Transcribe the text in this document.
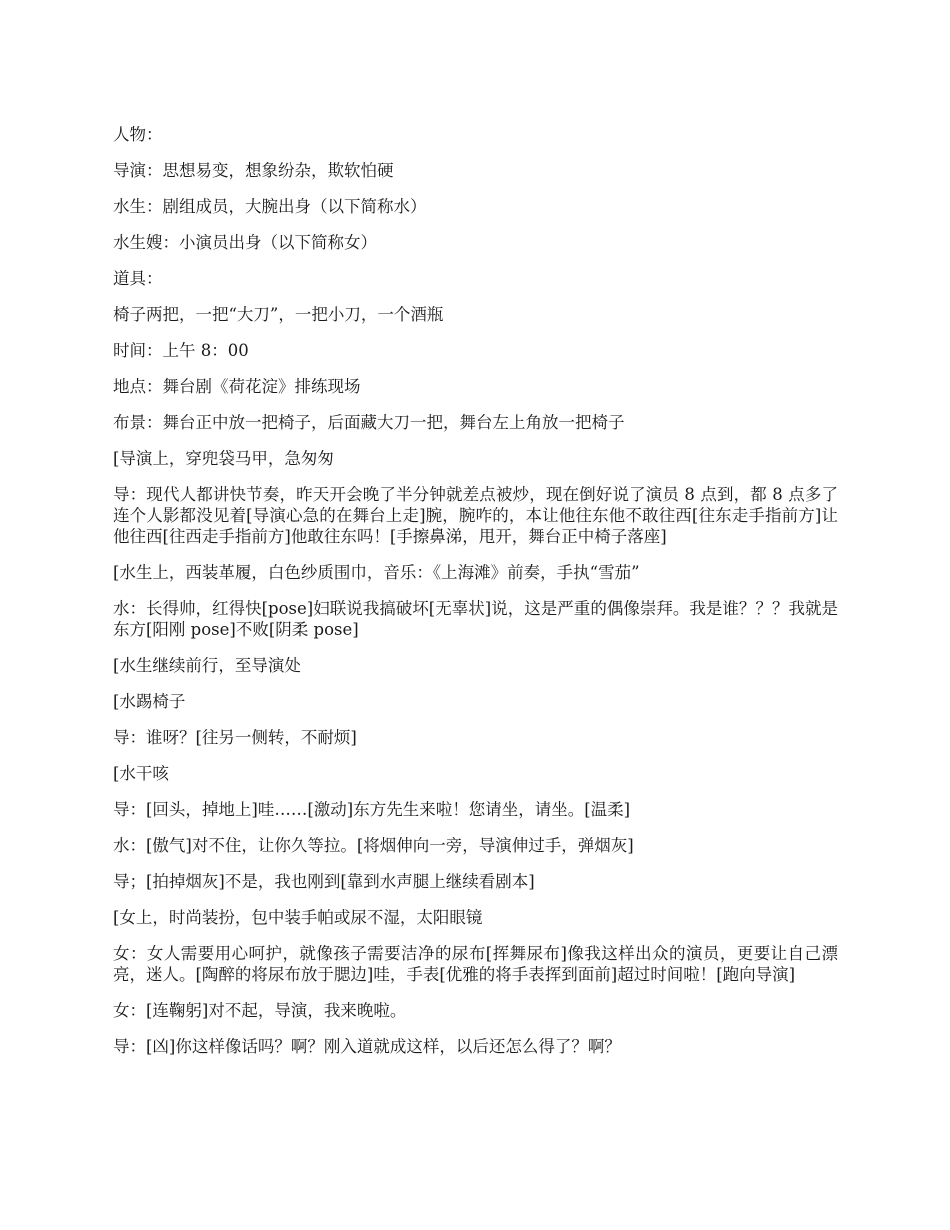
人物：

导演：思想易变，想象纷杂，欺软怕硬

水生：剧组成员，大腕出身（以下简称水）

水生嫂：小演员出身（以下简称女）

道具：

椅子两把，一把“大刀”，一把小刀，一个酒瓶

时间：上午 8：00

地点：舞台剧《荷花淀》排练现场

布景：舞台正中放一把椅子，后面藏大刀一把，舞台左上角放一把椅子

[导演上，穿兜袋马甲，急匆匆

导：现代人都讲快节奏，昨天开会晚了半分钟就差点被炒，现在倒好说了演员 8 点到，都 8 点多了连个人影都没见着[导演心急的在舞台上走]腕，腕咋的，本让他往东他不敢往西[往东走手指前方]让他往西[往西走手指前方]他敢往东吗！[手擦鼻涕，甩开，舞台正中椅子落座]

[水生上，西装革履，白色纱质围巾，音乐：《上海滩》前奏，手执“雪茄”

水：长得帅，红得快[pose]妇联说我搞破坏[无辜状]说，这是严重的偶像崇拜。我是谁？？？我就是东方[阳刚 pose]不败[阴柔 pose]

[水生继续前行，至导演处

[水踢椅子

导：谁呀？[往另一侧转，不耐烦]

[水干咳

导：[回头，掉地上]哇……[激动]东方先生来啦！您请坐，请坐。[温柔]

水：[傲气]对不住，让你久等拉。[将烟伸向一旁，导演伸过手，弹烟灰]

导；[拍掉烟灰]不是，我也刚到[靠到水声腿上继续看剧本]

[女上，时尚装扮，包中装手帕或尿不湿，太阳眼镜

女：女人需要用心呵护，就像孩子需要洁净的尿布[挥舞尿布]像我这样出众的演员，更要让自己漂亮，迷人。[陶醉的将尿布放于腮边]哇，手表[优雅的将手表挥到面前]超过时间啦！[跑向导演]

女：[连鞠躬]对不起，导演，我来晚啦。

导：[凶]你这样像话吗？啊？刚入道就成这样，以后还怎么得了？啊？
